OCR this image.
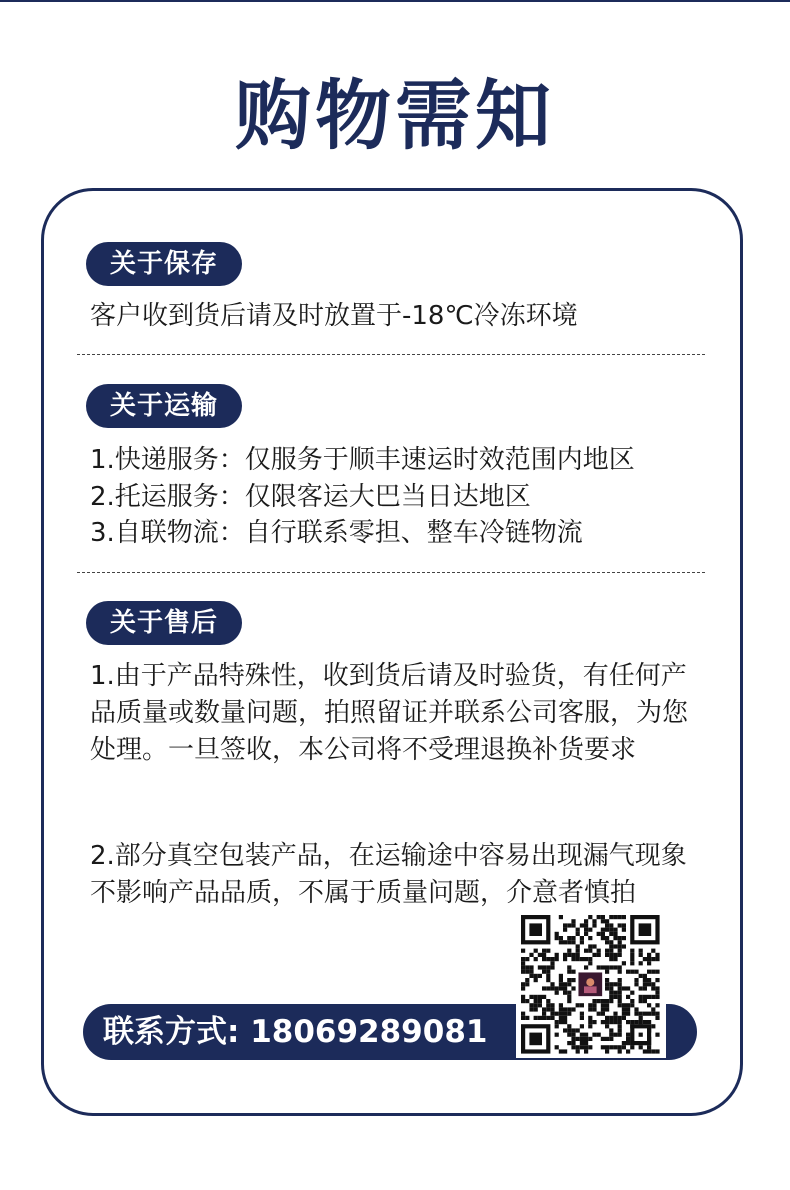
购物需知
关于保存
客户收到货后请及时放置于-18℃冷冻环境
关于运输
1.快递服务：仅服务于顺丰速运时效范围内地区
2.托运服务：仅限客运大巴当日达地区
3.自联物流：自行联系零担、整车冷链物流
关于售后
1.由于产品特殊性，收到货后请及时验货，有任何产品质量或数量问题，拍照留证并联系公司客服，为您处理。一旦签收，本公司将不受理退换补货要求
2.部分真空包装产品，在运输途中容易出现漏气现象不影响产品品质，不属于质量问题，介意者慎拍
联系方式: 18069289081
